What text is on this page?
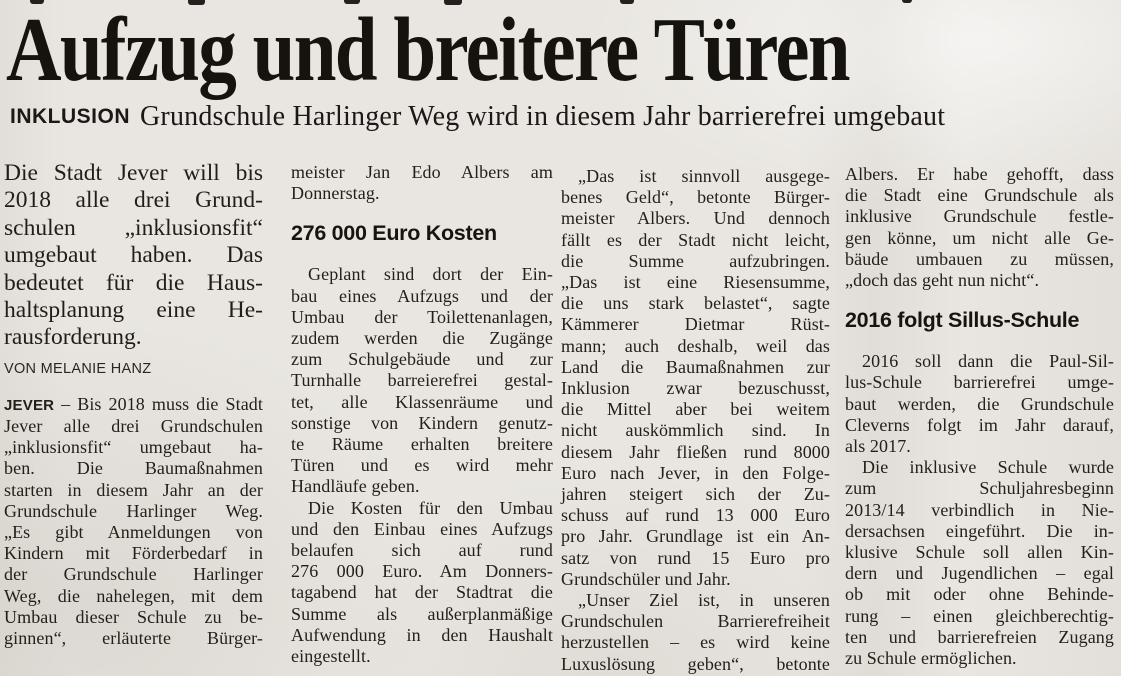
Aufzug und breitere Türen
INKLUSION Grundschule Harlinger Weg wird in diesem Jahr barrierefrei umgebaut
Die Stadt Jever will bis
2018 alle drei Grund-
schulen „inklusionsfit“
umgebaut haben. Das
bedeutet für die Haus-
haltsplanung eine He-
rausforderung.
VON MELANIE HANZ
JEVER – Bis 2018 muss die Stadt
Jever alle drei Grundschulen
„inklusionsfit“ umgebaut ha-
ben. Die Baumaßnahmen
starten in diesem Jahr an der
Grundschule Harlinger Weg.
„Es gibt Anmeldungen von
Kindern mit Förderbedarf in
der Grundschule Harlinger
Weg, die nahelegen, mit dem
Umbau dieser Schule zu be-
ginnen“, erläuterte Bürger-
meister Jan Edo Albers am
Donnerstag.
276 000 Euro Kosten
Geplant sind dort der Ein-
bau eines Aufzugs und der
Umbau der Toilettenanlagen,
zudem werden die Zugänge
zum Schulgebäude und zur
Turnhalle barreierefrei gestal-
tet, alle Klassenräume und
sonstige von Kindern genutz-
te Räume erhalten breitere
Türen und es wird mehr
Handläufe geben.
Die Kosten für den Umbau
und den Einbau eines Aufzugs
belaufen sich auf rund
276 000 Euro. Am Donners-
tagabend hat der Stadtrat die
Summe als außerplanmäßige
Aufwendung in den Haushalt
eingestellt.
„Das ist sinnvoll ausgege-
benes Geld“, betonte Bürger-
meister Albers. Und dennoch
fällt es der Stadt nicht leicht,
die Summe aufzubringen.
„Das ist eine Riesensumme,
die uns stark belastet“, sagte
Kämmerer Dietmar Rüst-
mann; auch deshalb, weil das
Land die Baumaßnahmen zur
Inklusion zwar bezuschusst,
die Mittel aber bei weitem
nicht auskömmlich sind. In
diesem Jahr fließen rund 8000
Euro nach Jever, in den Folge-
jahren steigert sich der Zu-
schuss auf rund 13 000 Euro
pro Jahr. Grundlage ist ein An-
satz von rund 15 Euro pro
Grundschüler und Jahr.
„Unser Ziel ist, in unseren
Grundschulen Barrierefreiheit
herzustellen – es wird keine
Luxuslösung geben“, betonte
Albers. Er habe gehofft, dass
die Stadt eine Grundschule als
inklusive Grundschule festle-
gen könne, um nicht alle Ge-
bäude umbauen zu müssen,
„doch das geht nun nicht“.
2016 folgt Sillus-Schule
2016 soll dann die Paul-Sil-
lus-Schule barrierefrei umge-
baut werden, die Grundschule
Cleverns folgt im Jahr darauf,
als 2017.
Die inklusive Schule wurde
zum Schuljahresbeginn
2013/14 verbindlich in Nie-
dersachsen eingeführt. Die in-
klusive Schule soll allen Kin-
dern und Jugendlichen – egal
ob mit oder ohne Behinde-
rung – einen gleichberechtig-
ten und barrierefreien Zugang
zu Schule ermöglichen.
